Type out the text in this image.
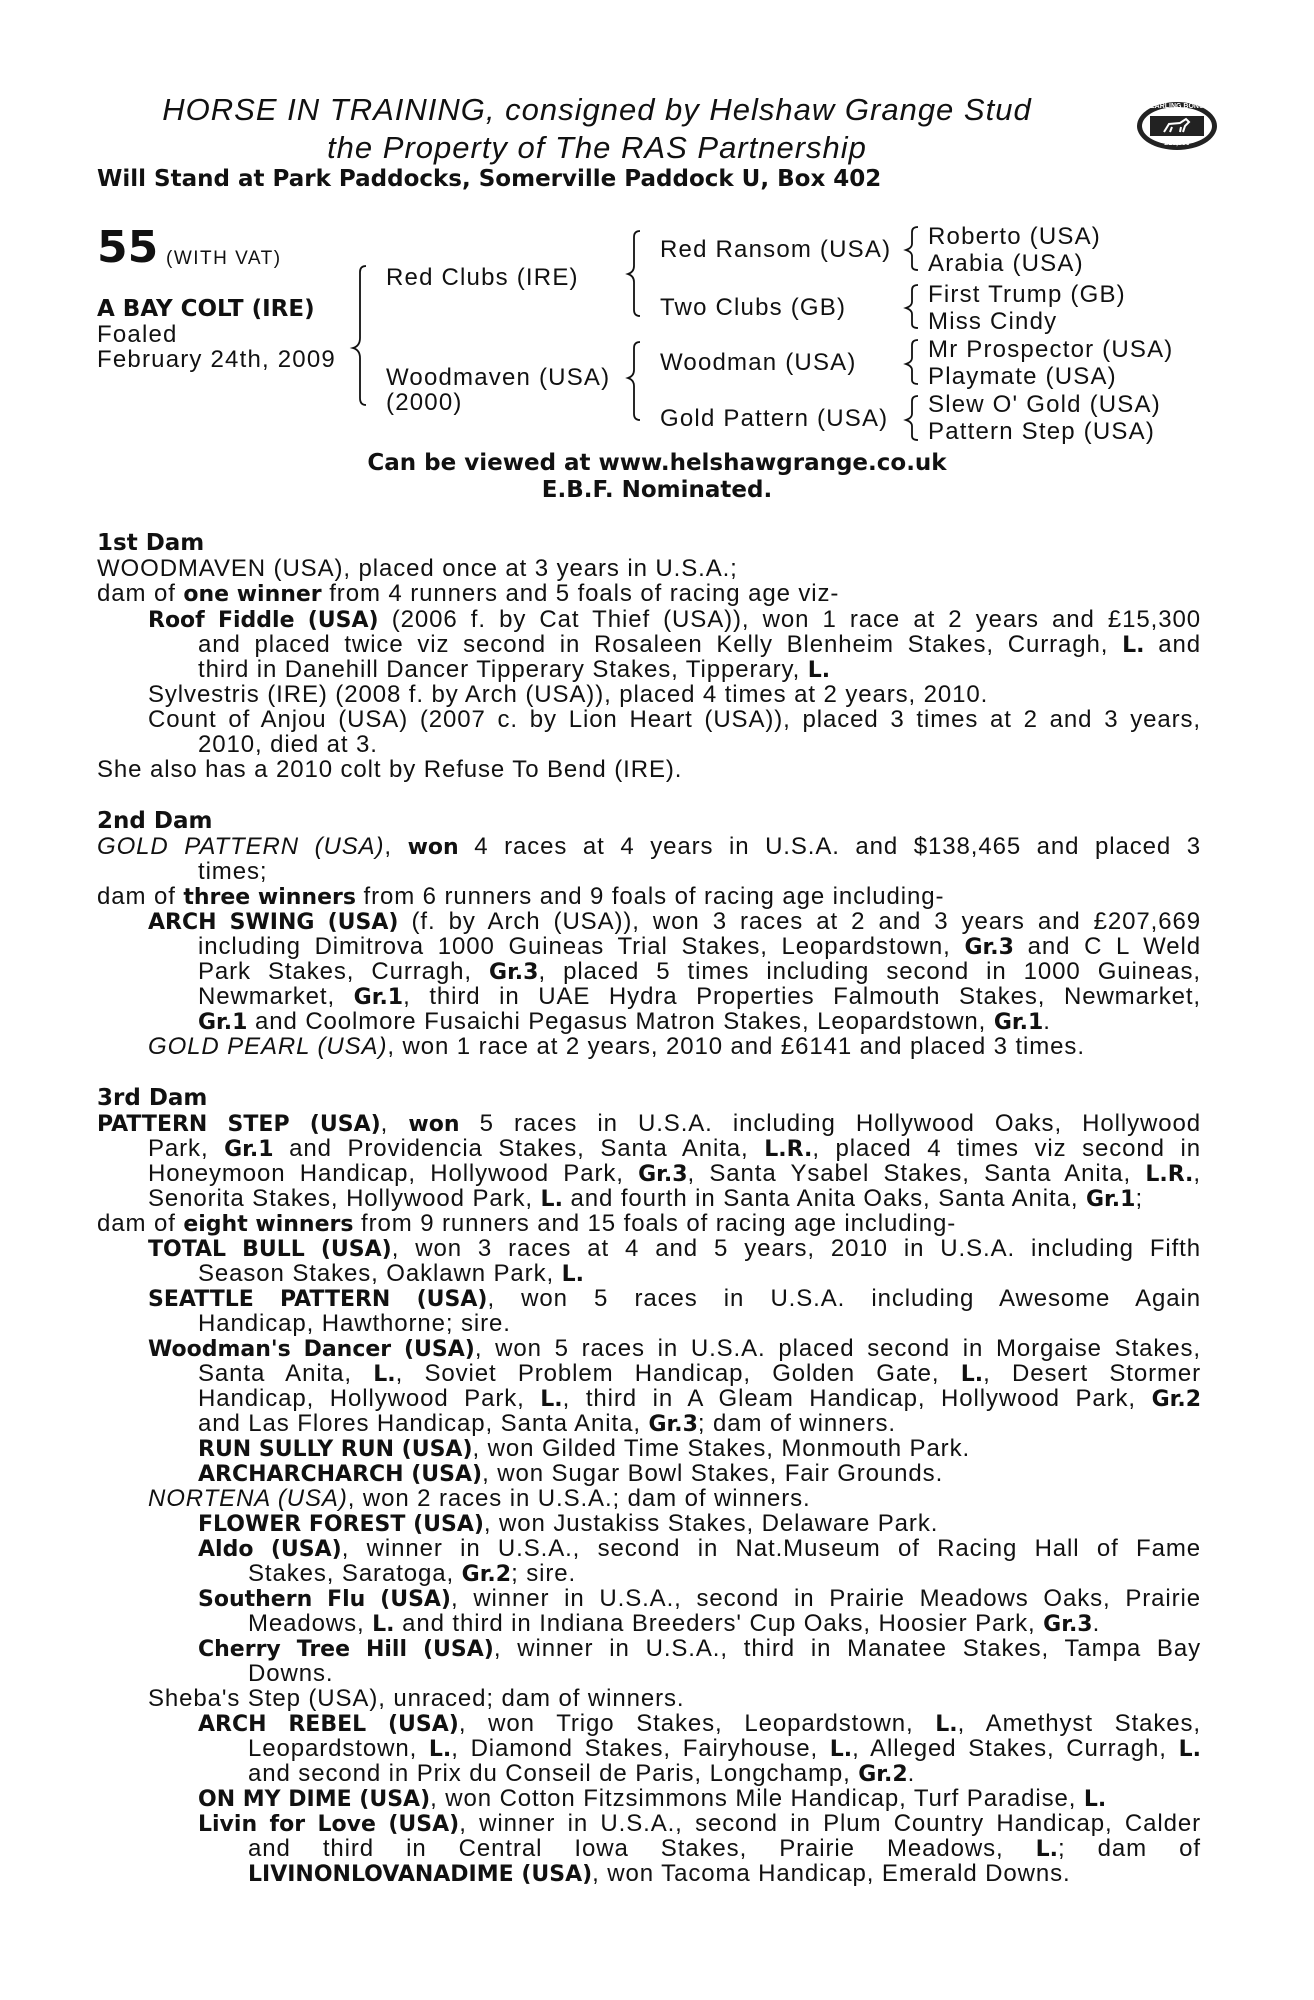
HORSE IN TRAINING, consigned by Helshaw Grange Stud
the Property of The RAS Partnership
Will Stand at Park Paddocks, Somerville Paddock U, Box 402
YEARLING BONUS
£10,000
55 (WITH VAT)
A BAY COLT (IRE)
Foaled
February 24th, 2009
Red Clubs (IRE)
Woodmaven (USA)
(2000)
Red Ransom (USA)
Two Clubs (GB)
Woodman (USA)
Gold Pattern (USA)
Roberto (USA)
Arabia (USA)
First Trump (GB)
Miss Cindy
Mr Prospector (USA)
Playmate (USA)
Slew O' Gold (USA)
Pattern Step (USA)
Can be viewed at www.helshawgrange.co.uk
E.B.F. Nominated.
1st Dam
WOODMAVEN (USA), placed once at 3 years in U.S.A.;
dam of one winner from 4 runners and 5 foals of racing age viz-
Roof Fiddle (USA) (2006 f. by Cat Thief (USA)), won 1 race at 2 years and £15,300
and placed twice viz second in Rosaleen Kelly Blenheim Stakes, Curragh, L. and
third in Danehill Dancer Tipperary Stakes, Tipperary, L.
Sylvestris (IRE) (2008 f. by Arch (USA)), placed 4 times at 2 years, 2010.
Count of Anjou (USA) (2007 c. by Lion Heart (USA)), placed 3 times at 2 and 3 years,
2010, died at 3.
She also has a 2010 colt by Refuse To Bend (IRE).
2nd Dam
GOLD PATTERN (USA), won 4 races at 4 years in U.S.A. and $138,465 and placed 3
times;
dam of three winners from 6 runners and 9 foals of racing age including-
ARCH SWING (USA) (f. by Arch (USA)), won 3 races at 2 and 3 years and £207,669
including Dimitrova 1000 Guineas Trial Stakes, Leopardstown, Gr.3 and C L Weld
Park Stakes, Curragh, Gr.3, placed 5 times including second in 1000 Guineas,
Newmarket, Gr.1, third in UAE Hydra Properties Falmouth Stakes, Newmarket,
Gr.1 and Coolmore Fusaichi Pegasus Matron Stakes, Leopardstown, Gr.1.
GOLD PEARL (USA), won 1 race at 2 years, 2010 and £6141 and placed 3 times.
3rd Dam
PATTERN STEP (USA), won 5 races in U.S.A. including Hollywood Oaks, Hollywood
Park, Gr.1 and Providencia Stakes, Santa Anita, L.R., placed 4 times viz second in
Honeymoon Handicap, Hollywood Park, Gr.3, Santa Ysabel Stakes, Santa Anita, L.R.,
Senorita Stakes, Hollywood Park, L. and fourth in Santa Anita Oaks, Santa Anita, Gr.1;
dam of eight winners from 9 runners and 15 foals of racing age including-
TOTAL BULL (USA), won 3 races at 4 and 5 years, 2010 in U.S.A. including Fifth
Season Stakes, Oaklawn Park, L.
SEATTLE PATTERN (USA), won 5 races in U.S.A. including Awesome Again
Handicap, Hawthorne; sire.
Woodman's Dancer (USA), won 5 races in U.S.A. placed second in Morgaise Stakes,
Santa Anita, L., Soviet Problem Handicap, Golden Gate, L., Desert Stormer
Handicap, Hollywood Park, L., third in A Gleam Handicap, Hollywood Park, Gr.2
and Las Flores Handicap, Santa Anita, Gr.3; dam of winners.
RUN SULLY RUN (USA), won Gilded Time Stakes, Monmouth Park.
ARCHARCHARCH (USA), won Sugar Bowl Stakes, Fair Grounds.
NORTENA (USA), won 2 races in U.S.A.; dam of winners.
FLOWER FOREST (USA), won Justakiss Stakes, Delaware Park.
Aldo (USA), winner in U.S.A., second in Nat.Museum of Racing Hall of Fame
Stakes, Saratoga, Gr.2; sire.
Southern Flu (USA), winner in U.S.A., second in Prairie Meadows Oaks, Prairie
Meadows, L. and third in Indiana Breeders' Cup Oaks, Hoosier Park, Gr.3.
Cherry Tree Hill (USA), winner in U.S.A., third in Manatee Stakes, Tampa Bay
Downs.
Sheba's Step (USA), unraced; dam of winners.
ARCH REBEL (USA), won Trigo Stakes, Leopardstown, L., Amethyst Stakes,
Leopardstown, L., Diamond Stakes, Fairyhouse, L., Alleged Stakes, Curragh, L.
and second in Prix du Conseil de Paris, Longchamp, Gr.2.
ON MY DIME (USA), won Cotton Fitzsimmons Mile Handicap, Turf Paradise, L.
Livin for Love (USA), winner in U.S.A., second in Plum Country Handicap, Calder
and third in Central Iowa Stakes, Prairie Meadows, L.; dam of
LIVINONLOVANADIME (USA), won Tacoma Handicap, Emerald Downs.
